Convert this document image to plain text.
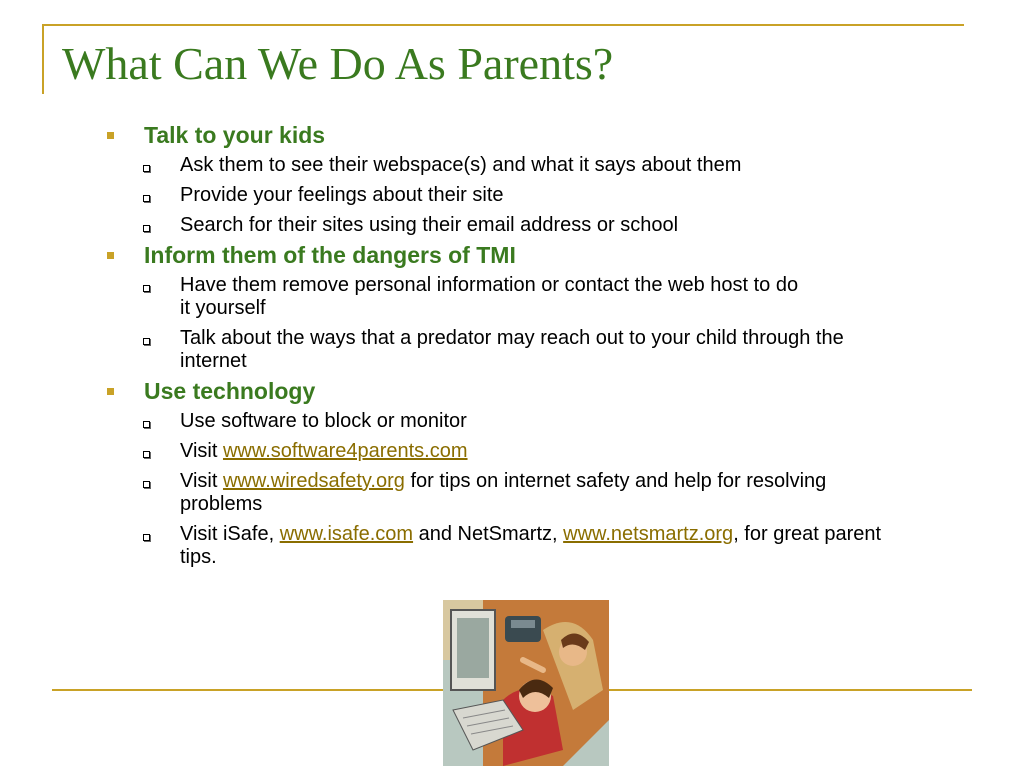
What Can We Do As Parents?
Talk to your kids
Ask them to see their webspace(s) and what it says about them
Provide your feelings about their site
Search for their sites using their email address or school
Inform them of the dangers of TMI
Have them remove personal information or contact the web host to do it yourself
Talk about the ways that a predator may reach out to your child through the internet
Use technology
Use software to block or monitor
Visit www.software4parents.com
Visit www.wiredsafety.org for tips on internet safety and help for resolving problems
Visit iSafe, www.isafe.com and NetSmartz, www.netsmartz.org, for great parent tips.
